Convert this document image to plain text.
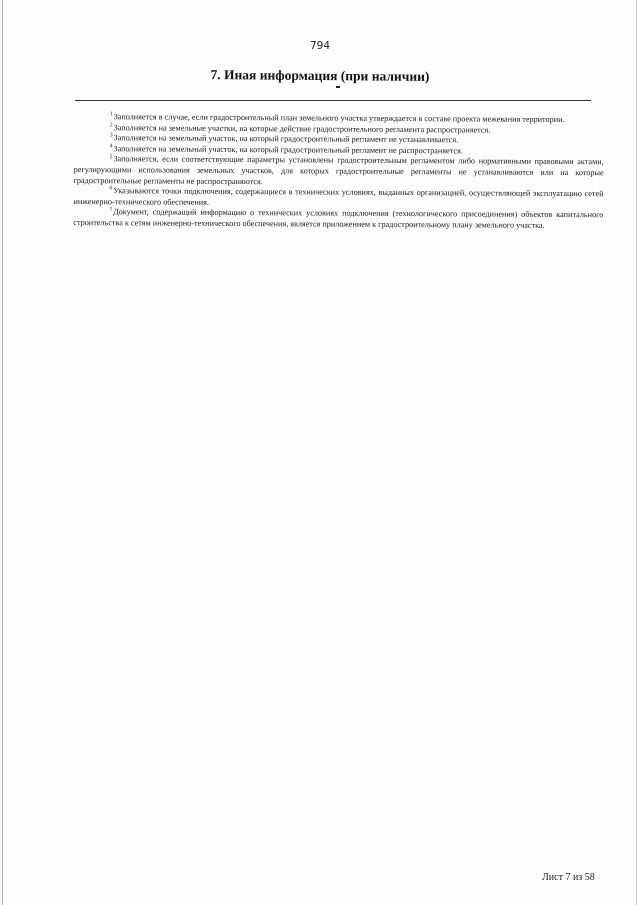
794
7. Иная информация (при наличии)

$^1$Заполняется в случае, если градостроительный план земельного участка утверждается в составе проекта межевания территории.

$^2$Заполняется на земельные участки, на которые действие градостроительного регламента распространяется.

$^3$Заполняется на земельный участок, на который градостроительный регламент не устанавливается.

$^4$Заполняется на земельный участок, на который градостроительный регламент не распространяется.

$^5$Заполняется, если соответствующие параметры установлены градостроительным регламентом либо нормативными правовыми актами, регулирующими использования земельных участков, для которых градостроительные регламенты не устанавливаются или на которые градостроительные регламенты не распространяются.

$^6$Указываются точки подключения, содержащиеся в технических условиях, выданных организацией, осуществляющей эксплуатацию сетей инженерно-технического обеспечения.

$^7$Документ, содержащий информацию о технических условиях подключения (технологического присоединения) объектов капитального строительства к сетям инженерно-технического обеспечения, является приложением к градостроительному плану земельного участка.

Лист 7 из 58
